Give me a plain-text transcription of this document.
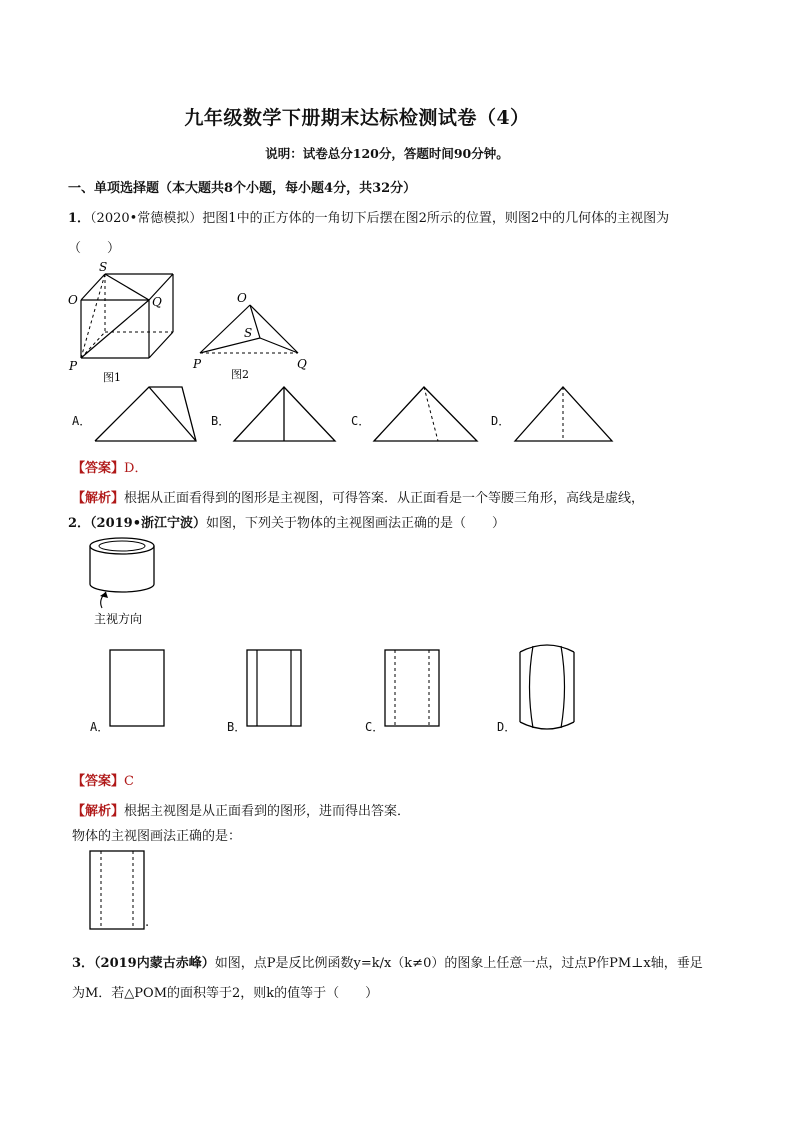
九年级数学下册期末达标检测试卷（4）
说明：试卷总分120分，答题时间90分钟。
一、单项选择题（本大题共8个小题，每小题4分，共32分）
1．（2020•常德模拟）把图1中的正方体的一角切下后摆在图2所示的位置，则图2中的几何体的主视图为
（　　）
S
O	Q
P
图1
O
S
P	Q
图2
A．	B．	C．	D．
【答案】D．
【解析】根据从正面看得到的图形是主视图，可得答案．从正面看是一个等腰三角形，高线是虚线，
2．（2019•浙江宁波）如图，下列关于物体的主视图画法正确的是（　　）
主视方向
A．	B．	C．	D．
【答案】C
【解析】根据主视图是从正面看到的图形，进而得出答案．
物体的主视图画法正确的是：
.
3．（2019内蒙古赤峰）如图，点P是反比例函数y=k/x（k≠0）的图象上任意一点，过点P作PM⊥x轴，垂足
为M．若△POM的面积等于2，则k的值等于（　　）
